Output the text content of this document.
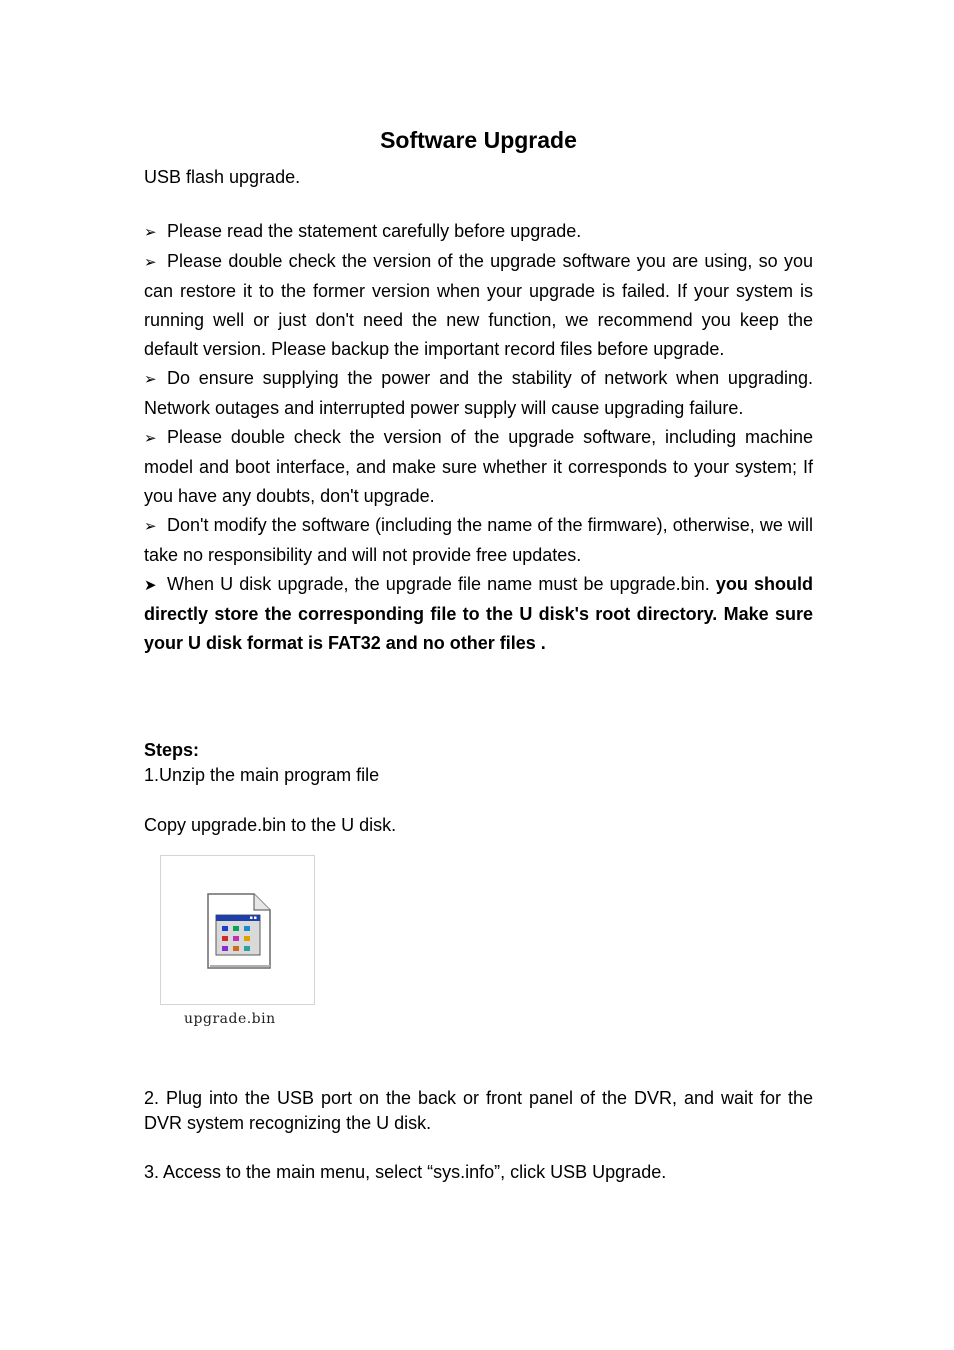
Software Upgrade
USB flash upgrade.

➢ Please read the statement carefully before upgrade.

➢ Please double check the version of the upgrade software you are using, so you can restore it to the former version when your upgrade is failed. If your system is running well or just don't need the new function, we recommend you keep the default version. Please backup the important record files before upgrade.

➢ Do ensure supplying the power and the stability of network when upgrading. Network outages and interrupted power supply will cause upgrading failure.

➢ Please double check the version of the upgrade software, including machine model and boot interface, and make sure whether it corresponds to your system; If you have any doubts, don't upgrade.

➢ Don't modify the software (including the name of the firmware), otherwise, we will take no responsibility and will not provide free updates.

➤ When U disk upgrade, the upgrade file name must be upgrade.bin. you should directly store the corresponding file to the U disk's root directory. Make sure your U disk format is FAT32 and no other files .

Steps:
1.Unzip the main program file
Copy upgrade.bin to the U disk.
upgrade.bin
2. Plug into the USB port on the back or front panel of the DVR, and wait for the DVR system recognizing the U disk.
3. Access to the main menu, select “sys.info”, click USB Upgrade.
